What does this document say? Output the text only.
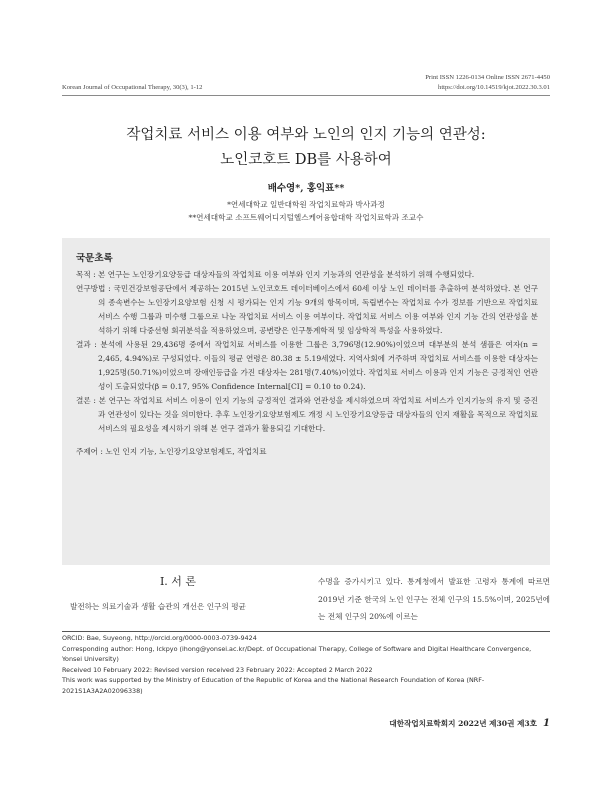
Korean Journal of Occupational Therapy, 30(3), 1-12
Print ISSN 1226-0134 Online ISSN 2671-4450
https://doi.org/10.14519/kjot.2022.30.3.01
작업치료 서비스 이용 여부와 노인의 인지 기능의 연관성:
노인코호트 DB를 사용하여
배수영*, 홍익표**
*연세대학교 일반대학원 작업치료학과 박사과정
**연세대학교 소프트웨어디지털헬스케어융합대학 작업치료학과 조교수
국문초록

목적 : 본 연구는 노인장기요양등급 대상자들의 작업치료 이용 여부와 인지 기능과의 연관성을 분석하기 위해 수행되었다.

연구방법 : 국민건강보험공단에서 제공하는 2015년 노인코호트 데이터베이스에서 60세 이상 노인 데이터를 추출하여 분석하였다. 본 연구의 종속변수는 노인장기요양보험 신청 시 평가되는 인지 기능 9개의 항목이며, 독립변수는 작업치료 수가 정보를 기반으로 작업치료 서비스 수행 그룹과 미수행 그룹으로 나눈 작업치료 서비스 이용 여부이다. 작업치료 서비스 이용 여부와 인지 기능 간의 연관성을 분석하기 위해 다중선형 회귀분석을 적용하였으며, 공변량은 인구통계학적 및 임상학적 특성을 사용하였다.

결과 : 분석에 사용된 29,436명 중에서 작업치료 서비스를 이용한 그룹은 3,796명(12.90%)이었으며 대부분의 분석 샘플은 여자(n = 2,465, 4.94%)로 구성되었다. 이들의 평균 연령은 80.38 ± 5.19세였다. 지역사회에 거주하며 작업치료 서비스를 이용한 대상자는 1,925명(50.71%)이었으며 장애인등급을 가진 대상자는 281명(7.40%)이었다. 작업치료 서비스 이용과 인지 기능은 긍정적인 연관성이 도출되었다(β = 0.17, 95% Confidence Internal[CI] = 0.10 to 0.24).

결론 : 본 연구는 작업치료 서비스 이용이 인지 기능의 긍정적인 결과와 연관성을 제시하였으며 작업치료 서비스가 인지기능의 유지 및 증진과 연관성이 있다는 것을 의미한다. 추후 노인장기요양보험제도 개정 시 노인장기요양등급 대상자들의 인지 재활을 목적으로 작업치료 서비스의 필요성을 제시하기 위해 본 연구 결과가 활용되길 기대한다.

주제어 : 노인 인지 기능, 노인장기요양보험제도, 작업치료
Ⅰ. 서 론
발전하는 의료기술과 생활 습관의 개선은 인구의 평균
수명을 증가시키고 있다. 통계청에서 발표한 고령자 통계에 따르면 2019년 기준 한국의 노인 인구는 전체 인구의 15.5%이며, 2025년에는 전체 인구의 20%에 이르는
ORCID: Bae, Suyeong, http://orcid.org/0000-0003-0739-9424
Corresponding author: Hong, Ickpyo (ihong@yonsei.ac.kr/Dept. of Occupational Therapy, College of Software and Digital Healthcare Convergence, Yonsei University)
Received 10 February 2022: Revised version received 23 February 2022: Accepted 2 March 2022
This work was supported by the Ministry of Education of the Republic of Korea and the National Research Foundation of Korea (NRF-2021S1A3A2A02096338)
대한작업치료학회지 2022년 제30권 제3호 1
